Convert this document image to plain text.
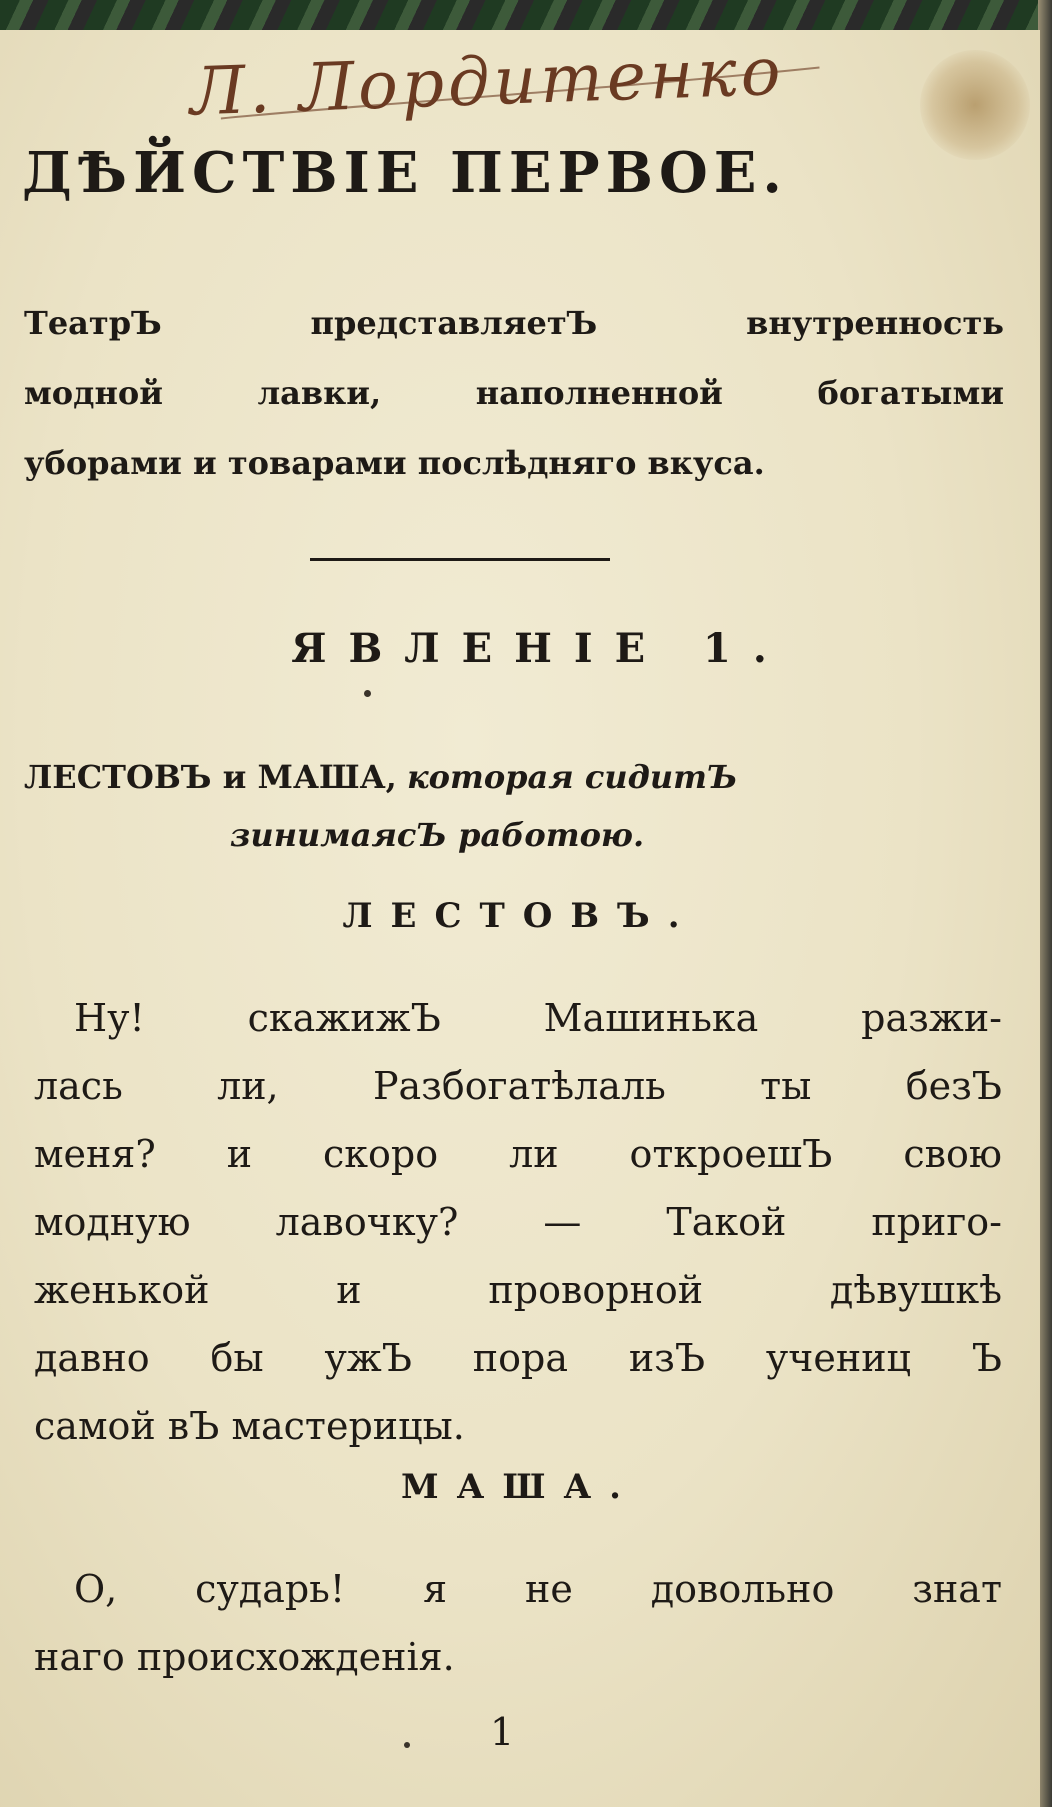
Л. Лордитенко
ДѢЙСТВІЕ ПЕРВОЕ.
ТеатрЪ представляетЪ внутренность
модной лавки, наполненной богатыми
уборами и товарами послѣдняго вкуса.
ЯВЛЕНІЕ 1.
ЛЕСТОВЪ и МАША, которая сидитЪ
зинимаясЪ работою.
ЛЕСТОВЪ.
Ну! скажижЪ Машинька разжи-
лась ли, Разбогатѣлаль ты безЪ
меня? и скоро ли откроешЪ свою
модную лавочку? — Такой приго-
женькой и проворной дѣвушкѣ
давно бы ужЪ пора изЪ учениц Ъ
самой вЪ мастерицы.
МАША.
О, сударь! я не довольно знат
наго происхожденія.
1
